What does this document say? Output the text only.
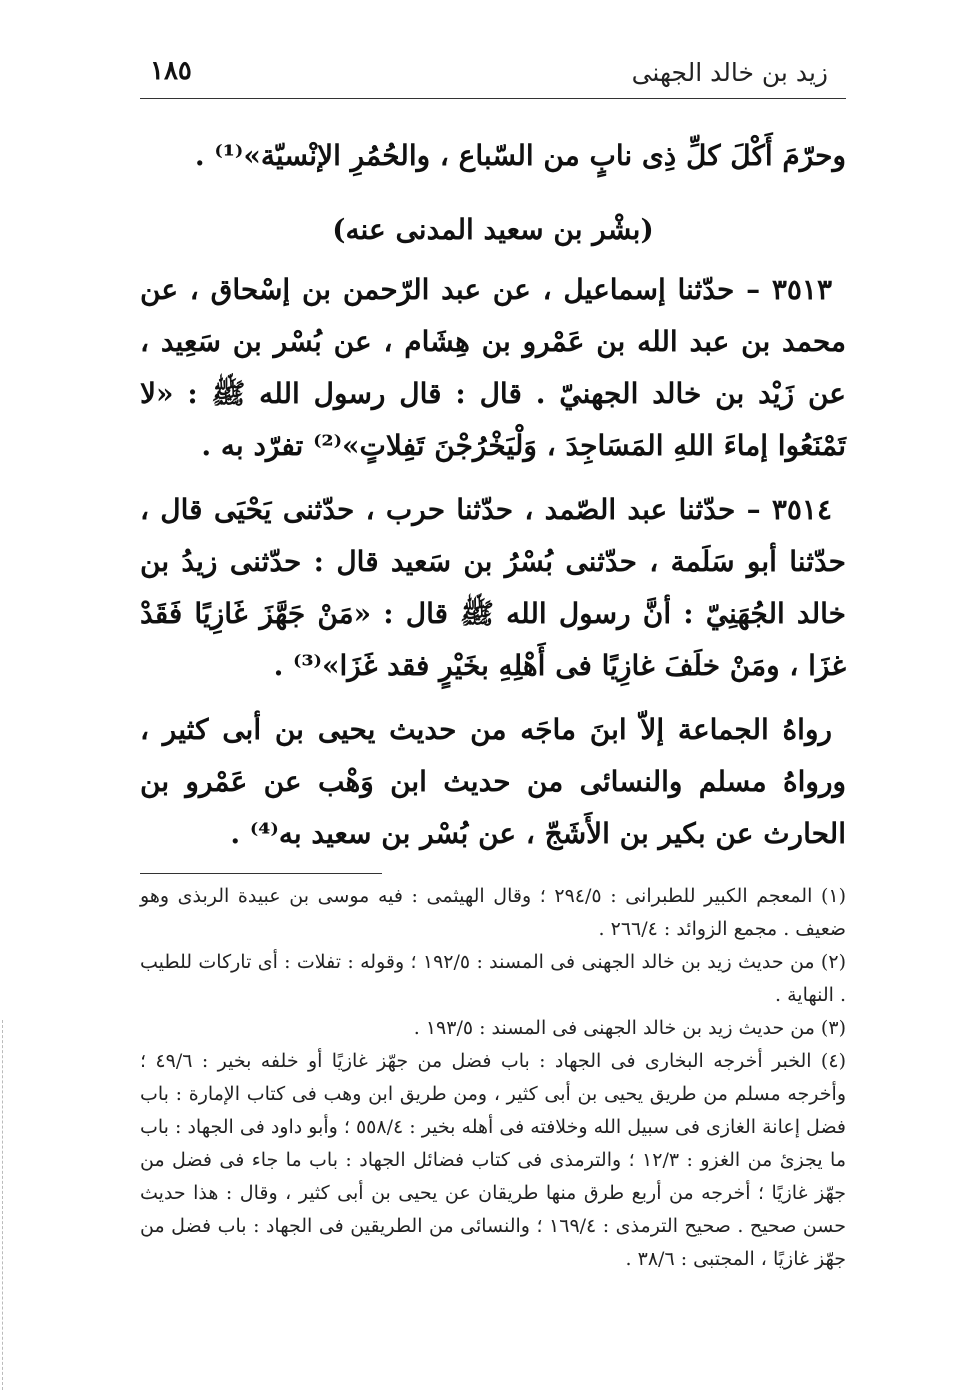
زيد بن خالد الجهنى
١٨٥

وحرّمَ أَكْلَ كلِّ ذِى نابٍ من السّباع ، والحُمُرِ الإنْسيّة»⁽¹⁾ .

(بشْر بن سعيد المدنى عنه)

٣٥١٣ – حدّثنا إسماعيل ، عن عبد الرّحمن بن إسْحاق ، عن محمد بن عبد الله بن عَمْرو بن هِشَام ، عن بُسْر بن سَعِيد ، عن زَيْد بن خالد الجهنيّ . قال : قال رسول الله ﷺ : «لا تَمْنَعُوا إماءَ اللهِ المَسَاجِدَ ، وَلْيَخْرُجْنَ تَفِلاتٍ»⁽²⁾ تفرّد به .

٣٥١٤ – حدّثنا عبد الصّمد ، حدّثنا حرب ، حدّثنى يَحْيَى قال ، حدّثنا أبو سَلَمة ، حدّثنى بُسْرُ بن سَعيد قال : حدّثنى زيدُ بن خالد الجُهَنِيّ : أنَّ رسول الله ﷺ قال : «مَنْ جَهَّزَ غَازِيًا فَقَدْ غزَا ، ومَنْ خلَفَ غازِيًا فى أَهْلِهِ بخَيْرٍ فقد غَزَا»⁽³⁾ .

رواهُ الجماعة إلاّ ابنَ ماجَه من حديث يحيى بن أبى كثير ، ورواهُ مسلم والنسائى من حديث ابن وَهْب عن عَمْرو بن الحارث عن بكير بن الأَشَجّ ، عن بُسْر بن سعيد به⁽⁴⁾ .

(١) المعجم الكبير للطبرانى : ٢٩٤/٥ ؛ وقال الهيثمى : فيه موسى بن عبيدة الربذى وهو ضعيف . مجمع الزوائد : ٢٦٦/٤ .

(٢) من حديث زيد بن خالد الجهنى فى المسند : ١٩٢/٥ ؛ وقوله : تفلات : أى تاركات للطيب . النهاية .

(٣) من حديث زيد بن خالد الجهنى فى المسند : ١٩٣/٥ .

(٤) الخبر أخرجه البخارى فى الجهاد : باب فضل من جهّز غازيًا أو خلفه بخير : ٤٩/٦ ؛ وأخرجه مسلم من طريق يحيى بن أبى كثير ، ومن طريق ابن وهب فى كتاب الإمارة : باب فضل إعانة الغازى فى سبيل الله وخلافته فى أهله بخير : ٥٥٨/٤ ؛ وأبو داود فى الجهاد : باب ما يجزئ من الغزو : ١٢/٣ ؛ والترمذى فى كتاب فضائل الجهاد : باب ما جاء فى فضل من جهّز غازيًا ؛ أخرجه من أربع طرق منها طريقان عن يحيى بن أبى كثير ، وقال : هذا حديث حسن صحيح . صحيح الترمذى : ١٦٩/٤ ؛ والنسائى من الطريقين فى الجهاد : باب فضل من جهّز غازيًا ، المجتبى : ٣٨/٦ .
